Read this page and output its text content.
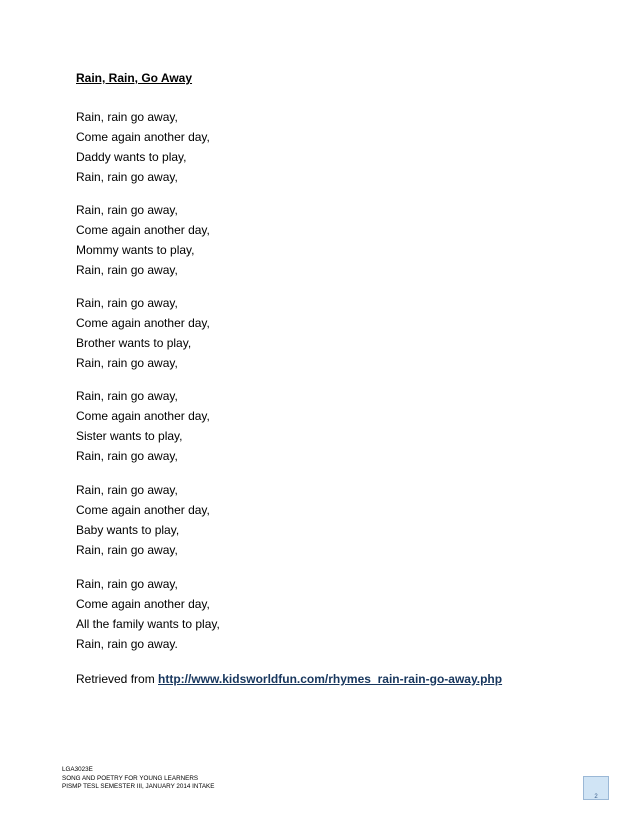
Rain, Rain, Go Away
Rain, rain go away,
Come again another day,
Daddy wants to play,
Rain, rain go away,
Rain, rain go away,
Come again another day,
Mommy wants to play,
Rain, rain go away,
Rain, rain go away,
Come again another day,
Brother wants to play,
Rain, rain go away,
Rain, rain go away,
Come again another day,
Sister wants to play,
Rain, rain go away,
Rain, rain go away,
Come again another day,
Baby wants to play,
Rain, rain go away,
Rain, rain go away,
Come again another day,
All the family wants to play,
Rain, rain go away.
Retrieved from http://www.kidsworldfun.com/rhymes_rain-rain-go-away.php
LGA3023E
SONG AND POETRY FOR YOUNG LEARNERS
PISMP TESL SEMESTER III, JANUARY 2014 INTAKE
2
